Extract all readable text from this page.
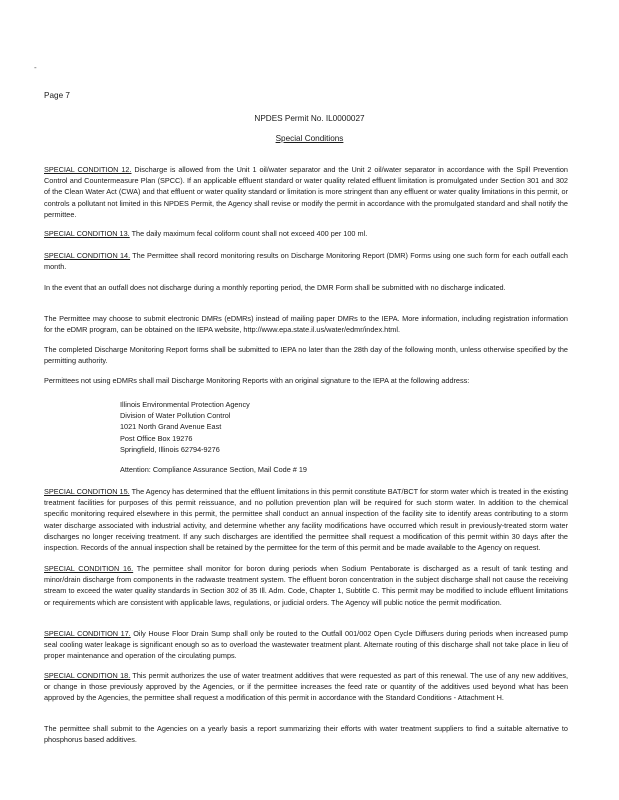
-
Page 7
NPDES Permit No. IL0000027
Special Conditions

SPECIAL CONDITION 12. Discharge is allowed from the Unit 1 oil/water separator and the Unit 2 oil/water separator in accordance with the Spill Prevention Control and Countermeasure Plan (SPCC). If an applicable effluent standard or water quality related effluent limitation is promulgated under Section 301 and 302 of the Clean Water Act (CWA) and that effluent or water quality standard or limitation is more stringent than any effluent or water quality limitations in this permit, or controls a pollutant not limited in this NPDES Permit, the Agency shall revise or modify the permit in accordance with the promulgated standard and shall notify the permittee.

SPECIAL CONDITION 13. The daily maximum fecal coliform count shall not exceed 400 per 100 ml.

SPECIAL CONDITION 14. The Permittee shall record monitoring results on Discharge Monitoring Report (DMR) Forms using one such form for each outfall each month.

In the event that an outfall does not discharge during a monthly reporting period, the DMR Form shall be submitted with no discharge indicated.

The Permittee may choose to submit electronic DMRs (eDMRs) instead of mailing paper DMRs to the IEPA. More information, including registration information for the eDMR program, can be obtained on the IEPA website, http://www.epa.state.il.us/water/edmr/index.html.

The completed Discharge Monitoring Report forms shall be submitted to IEPA no later than the 28th day of the following month, unless otherwise specified by the permitting authority.

Permittees not using eDMRs shall mail Discharge Monitoring Reports with an original signature to the IEPA at the following address:

Illinois Environmental Protection Agency
Division of Water Pollution Control
1021 North Grand Avenue East
Post Office Box 19276
Springfield, Illinois 62794-9276
Attention: Compliance Assurance Section, Mail Code # 19

SPECIAL CONDITION 15. The Agency has determined that the effluent limitations in this permit constitute BAT/BCT for storm water which is treated in the existing treatment facilities for purposes of this permit reissuance, and no pollution prevention plan will be required for such storm water. In addition to the chemical specific monitoring required elsewhere in this permit, the permittee shall conduct an annual inspection of the facility site to identify areas contributing to a storm water discharge associated with industrial activity, and determine whether any facility modifications have occurred which result in previously-treated storm water discharges no longer receiving treatment. If any such discharges are identified the permittee shall request a modification of this permit within 30 days after the inspection. Records of the annual inspection shall be retained by the permittee for the term of this permit and be made available to the Agency on request.

SPECIAL CONDITION 16. The permittee shall monitor for boron during periods when Sodium Pentaborate is discharged as a result of tank testing and minor/drain discharge from components in the radwaste treatment system. The effluent boron concentration in the subject discharge shall not cause the receiving stream to exceed the water quality standards in Section 302 of 35 Ill. Adm. Code, Chapter 1, Subtitle C. This permit may be modified to include effluent limitations or requirements which are consistent with applicable laws, regulations, or judicial orders. The Agency will public notice the permit modification.

SPECIAL CONDITION 17. Oily House Floor Drain Sump shall only be routed to the Outfall 001/002 Open Cycle Diffusers during periods when increased pump seal cooling water leakage is significant enough so as to overload the wastewater treatment plant. Alternate routing of this discharge shall not take place in lieu of proper maintenance and operation of the circulating pumps.

SPECIAL CONDITION 18. This permit authorizes the use of water treatment additives that were requested as part of this renewal. The use of any new additives, or change in those previously approved by the Agencies, or if the permittee increases the feed rate or quantity of the additives used beyond what has been approved by the Agencies, the permittee shall request a modification of this permit in accordance with the Standard Conditions - Attachment H.

The permittee shall submit to the Agencies on a yearly basis a report summarizing their efforts with water treatment suppliers to find a suitable alternative to phosphorus based additives.
